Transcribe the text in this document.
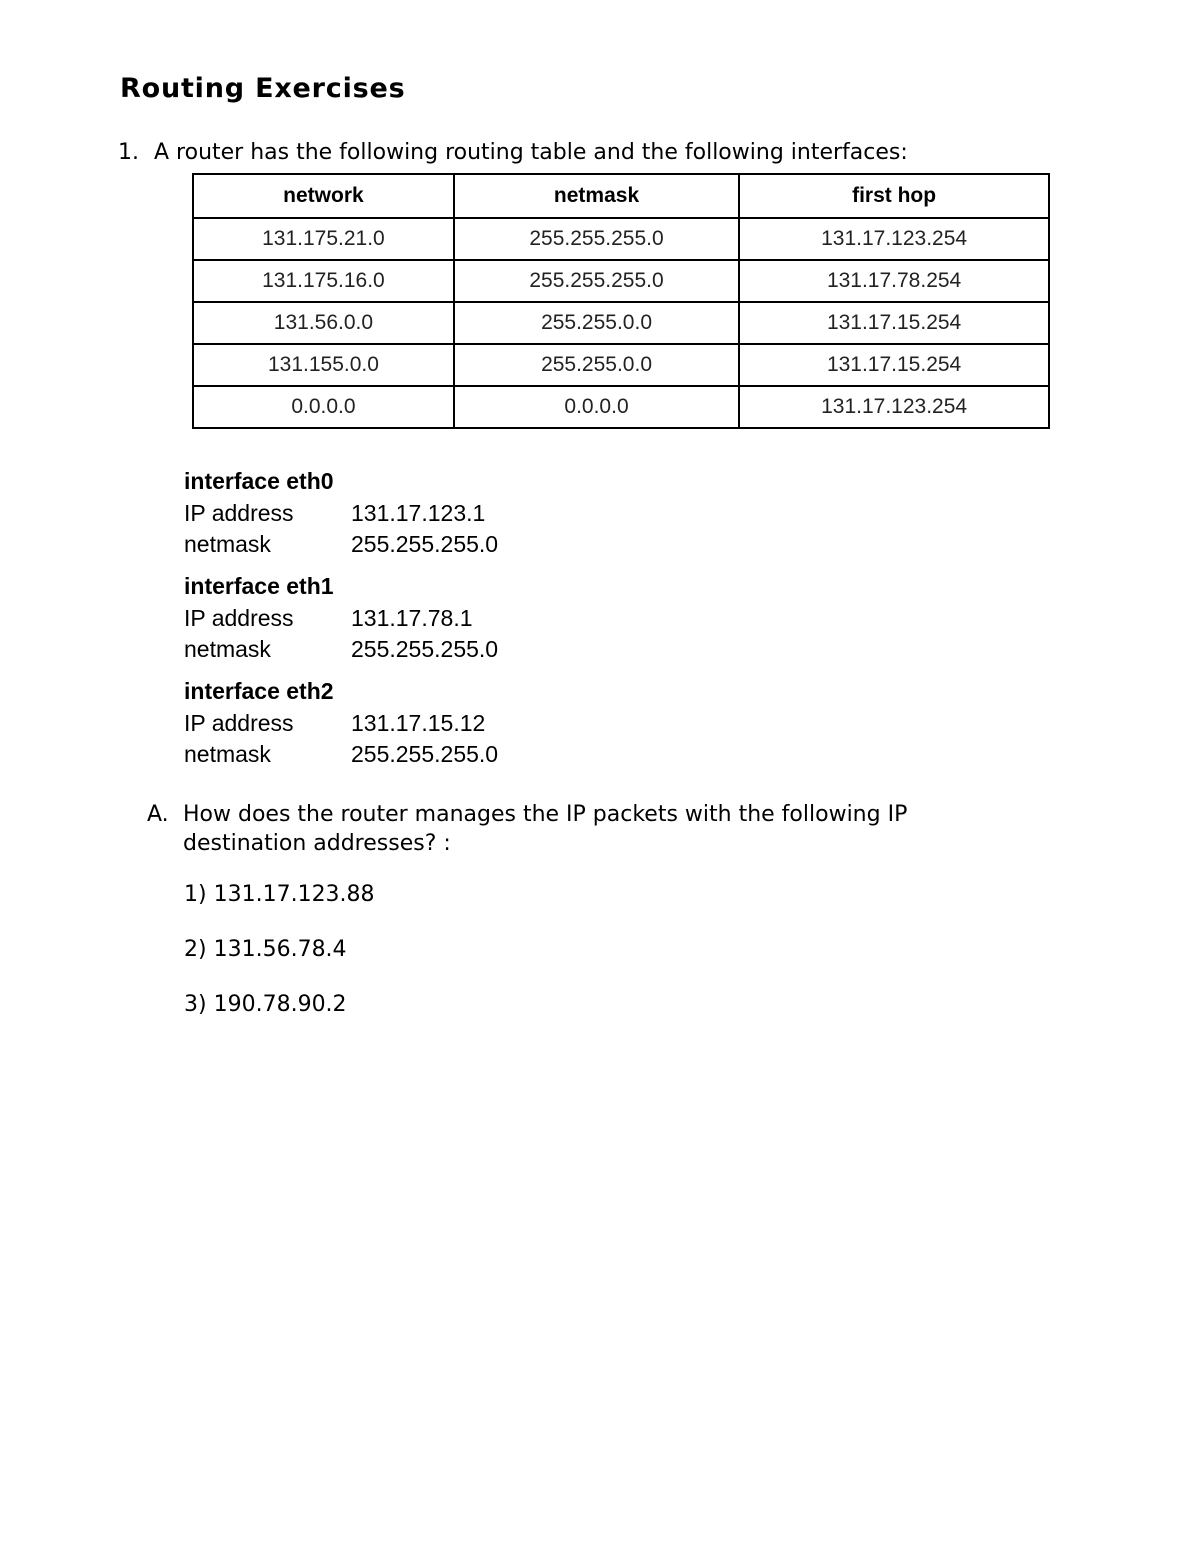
Routing Exercises
1. A router has the following routing table and the following interfaces:
network	netmask	first hop
131.175.21.0	255.255.255.0	131.17.123.254
131.175.16.0	255.255.255.0	131.17.78.254
131.56.0.0	255.255.0.0	131.17.15.254
131.155.0.0	255.255.0.0	131.17.15.254
0.0.0.0	0.0.0.0	131.17.123.254
interface eth0
IP address	131.17.123.1
netmask	255.255.255.0
interface eth1
IP address	131.17.78.1
netmask	255.255.255.0
interface eth2
IP address	131.17.15.12
netmask	255.255.255.0
A. How does the router manages the IP packets with the following IP destination addresses? :
1) 131.17.123.88
2) 131.56.78.4
3) 190.78.90.2
